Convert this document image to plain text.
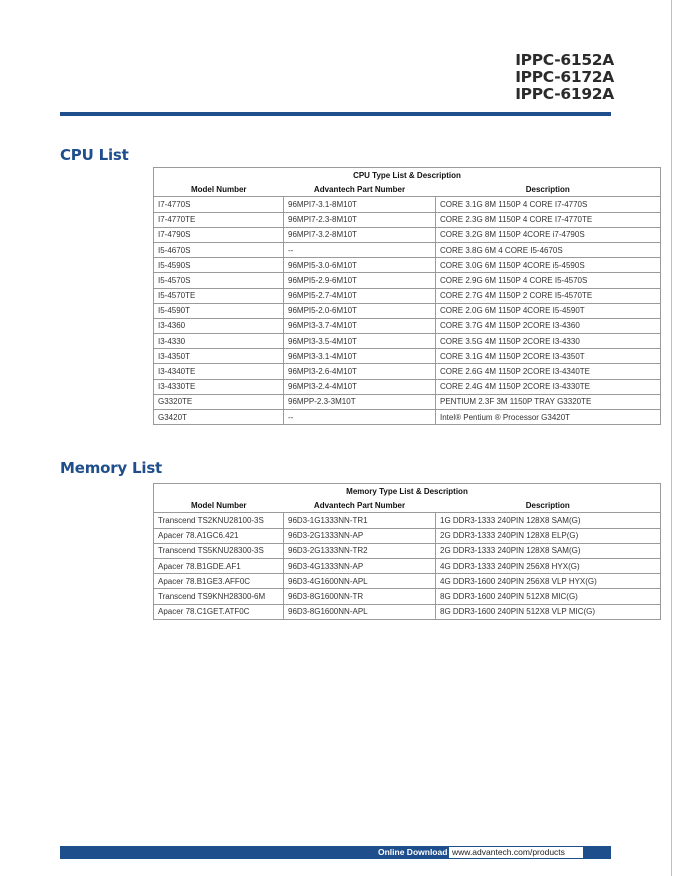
IPPC-6152A
IPPC-6172A
IPPC-6192A
CPU List
CPU Type List & Description		
Model Number	Advantech Part Number	Description
I7-4770S	96MPI7-3.1-8M10T	CORE 3.1G 8M 1150P 4 CORE I7-4770S
I7-4770TE	96MPI7-2.3-8M10T	CORE 2.3G 8M 1150P 4 CORE I7-4770TE
I7-4790S	96MPI7-3.2-8M10T	CORE 3.2G 8M 1150P 4CORE i7-4790S
I5-4670S	--	CORE 3.8G 6M 4 CORE I5-4670S
I5-4590S	96MPI5-3.0-6M10T	CORE 3.0G 6M 1150P 4CORE i5-4590S
I5-4570S	96MPI5-2.9-6M10T	CORE 2.9G 6M 1150P 4 CORE I5-4570S
I5-4570TE	96MPI5-2.7-4M10T	CORE 2.7G 4M 1150P 2 CORE I5-4570TE
I5-4590T	96MPI5-2.0-6M10T	CORE 2.0G 6M 1150P 4CORE I5-4590T
I3-4360	96MPI3-3.7-4M10T	CORE 3.7G 4M 1150P 2CORE I3-4360
I3-4330	96MPI3-3.5-4M10T	CORE 3.5G 4M 1150P 2CORE I3-4330
I3-4350T	96MPI3-3.1-4M10T	CORE 3.1G 4M 1150P 2CORE I3-4350T
I3-4340TE	96MPI3-2.6-4M10T	CORE 2.6G 4M 1150P 2CORE I3-4340TE
I3-4330TE	96MPI3-2.4-4M10T	CORE 2.4G 4M 1150P 2CORE I3-4330TE
G3320TE	96MPP-2.3-3M10T	PENTIUM 2.3F 3M 1150P TRAY G3320TE
G3420T	--	Intel® Pentium ® Processor G3420T
Memory List
Memory Type List & Description		
Model Number	Advantech Part Number	Description
Transcend TS2KNU28100-3S	96D3-1G1333NN-TR1	1G DDR3-1333 240PIN 128X8 SAM(G)
Apacer 78.A1GC6.421	96D3-2G1333NN-AP	2G DDR3-1333 240PIN 128X8 ELP(G)
Transcend TS5KNU28300-3S	96D3-2G1333NN-TR2	2G DDR3-1333 240PIN 128X8 SAM(G)
Apacer 78.B1GDE.AF1	96D3-4G1333NN-AP	4G DDR3-1333 240PIN 256X8 HYX(G)
Apacer 78.B1GE3.AFF0C	96D3-4G1600NN-APL	4G DDR3-1600 240PIN 256X8 VLP HYX(G)
Transcend TS9KNH28300-6M	96D3-8G1600NN-TR	8G DDR3-1600 240PIN 512X8 MIC(G)
Apacer 78.C1GET.ATF0C	96D3-8G1600NN-APL	8G DDR3-1600 240PIN 512X8 VLP MIC(G)
Online Download www.advantech.com/products
